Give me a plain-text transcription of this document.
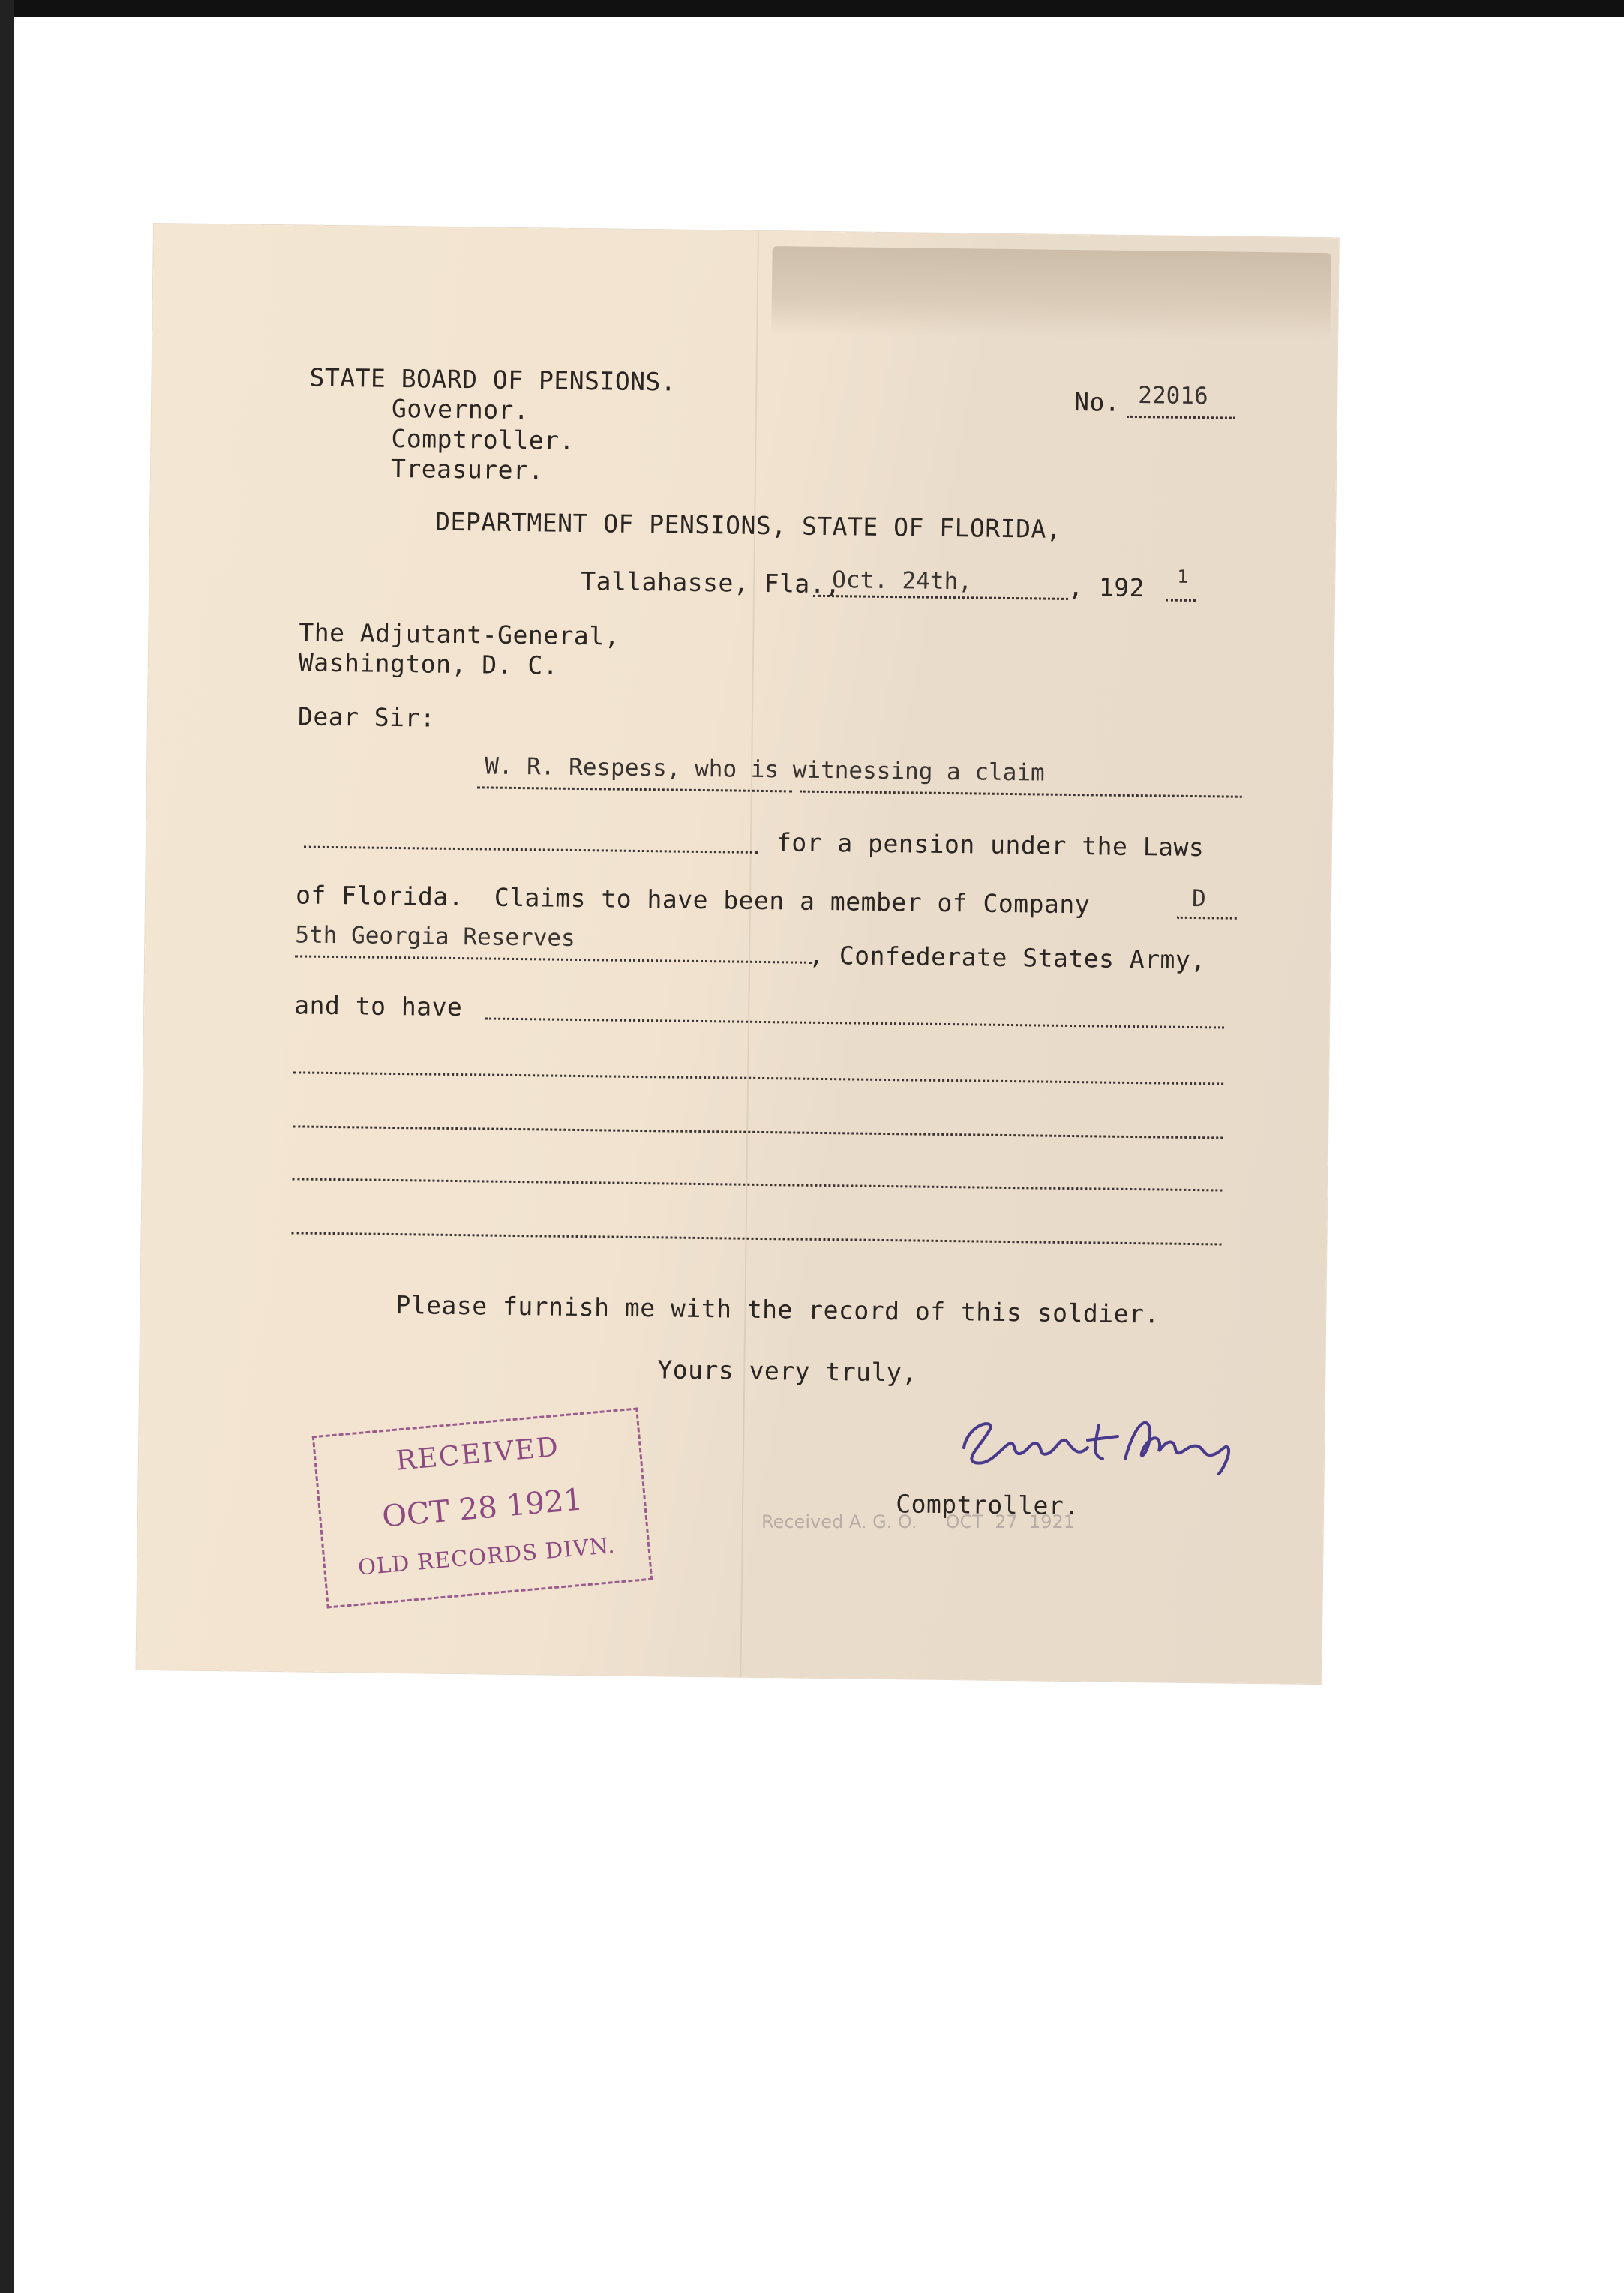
STATE BOARD OF PENSIONS.
Governor.
Comptroller.
Treasurer.
No. 22016
DEPARTMENT OF PENSIONS, STATE OF FLORIDA,
Tallahasse, Fla.,
Oct. 24th,	, 192 1
The Adjutant-General,
Washington, D. C.
Dear Sir:
W. R. Respess, who is witnessing a claim
for a pension under the Laws
of Florida.  Claims to have been a member of Company	D
5th Georgia Reserves
, Confederate States Army,
and to have
Please furnish me with the record of this soldier.
Yours very truly,
Comptroller.
RECEIVED
OCT 28 1921
OLD RECORDS DIVN.
Received A. G. O.     OCT  27  1921
